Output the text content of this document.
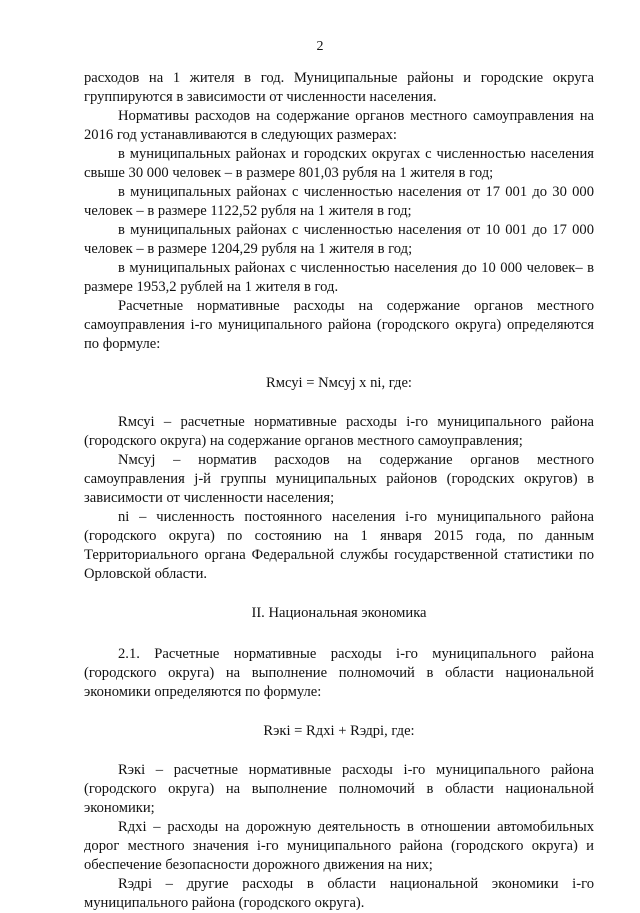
2

расходов на 1 жителя в год. Муниципальные районы и городские округа группируются в зависимости от численности населения.

Нормативы расходов на содержание органов местного самоуправления на 2016 год устанавливаются в следующих размерах:

в муниципальных районах и городских округах с численностью населения свыше 30 000 человек – в размере 801,03 рубля на 1 жителя в год;

в муниципальных районах с численностью населения от 17 001 до 30 000 человек – в размере 1122,52 рубля на 1 жителя в год;

в муниципальных районах с численностью населения от 10 001 до 17 000 человек – в размере 1204,29 рубля на 1 жителя в год;

в муниципальных районах с численностью населения до 10 000 человек– в размере 1953,2 рублей на 1 жителя в год.

Расчетные нормативные расходы на содержание органов местного самоуправления i-го муниципального района (городского округа) определяются по формуле:

Rмсуi = Nмсуj x ni, где:

Rмсуi – расчетные нормативные расходы i-го муниципального района (городского округа) на содержание органов местного самоуправления;

Nмсуj – норматив расходов на содержание органов местного самоуправления j-й группы муниципальных районов (городских округов) в зависимости от численности населения;

ni – численность постоянного населения i-го муниципального района (городского округа) по состоянию на 1 января 2015 года, по данным Территориального органа Федеральной службы государственной статистики по Орловской области.

II. Национальная экономика

2.1. Расчетные нормативные расходы i-го муниципального района (городского округа) на выполнение полномочий в области национальной экономики определяются по формуле:

Rэкi = Rдхi + Rэдрi, где:

Rэкi – расчетные нормативные расходы i-го муниципального района (городского округа) на выполнение полномочий в области национальной экономики;

Rдхi – расходы на дорожную деятельность в отношении автомобильных дорог местного значения i-го муниципального района (городского округа) и обеспечение безопасности дорожного движения на них;

Rэдрi – другие расходы в области национальной экономики i-го муниципального района (городского округа).
